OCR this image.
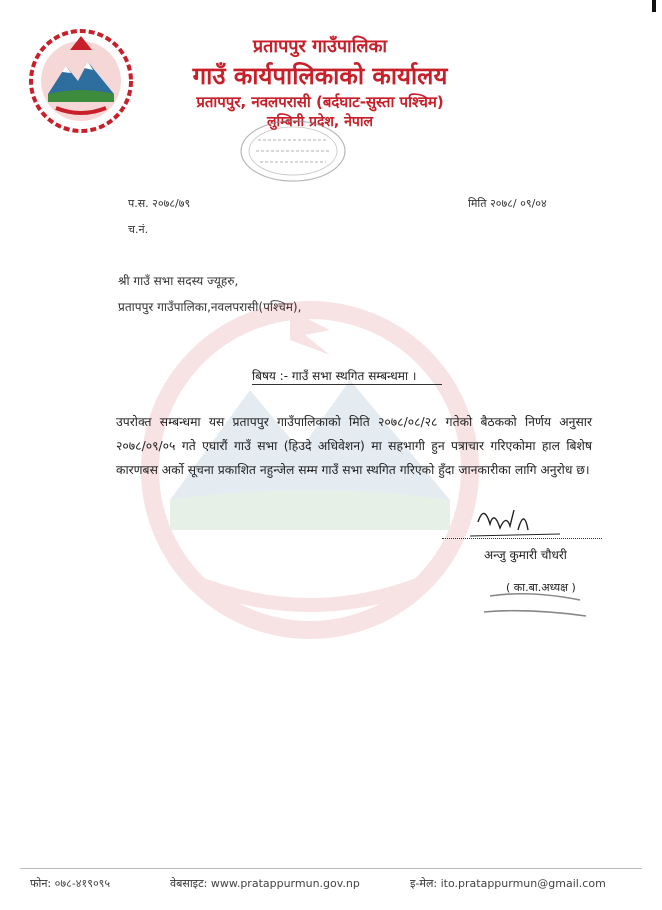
प्रतापपुर गाउँपालिका
गाउँ कार्यपालिकाको कार्यालय
प्रतापपुर, नवलपरासी (बर्दघाट-सुस्ता पश्चिम)
लुम्बिनी प्रदेश, नेपाल
प.स. २०७८/७९	मिति २०७८/ ०९/०४
च.नं.
श्री गाउँ सभा सदस्य ज्यूहरु,
प्रतापपुर गाउँपालिका,नवलपरासी(पश्चिम),
बिषय :- गाउँ सभा स्थगित सम्बन्धमा ।
उपरोक्त सम्बन्धमा यस प्रतापपुर गाउँपालिकाको मिति २०७८/०८/२८ गतेको बैठकको निर्णय अनुसार २०७८/०९/०५ गते एघारौं गाउँ सभा (हिउदे अधिवेशन) मा सहभागी हुन पत्राचार गरिएकोमा हाल बिशेष कारणबस अर्को सूचना प्रकाशित नहुन्जेल सम्म गाउँ सभा स्थगित गरिएको हुँदा जानकारीका लागि अनुरोध छ।
अन्जु कुमारी चौधरी
( का.बा.अध्यक्ष )
फोन: ०७८-४१९०९५	वेबसाइट: www.pratappurmun.gov.np	इ-मेल: ito.pratappurmun@gmail.com
